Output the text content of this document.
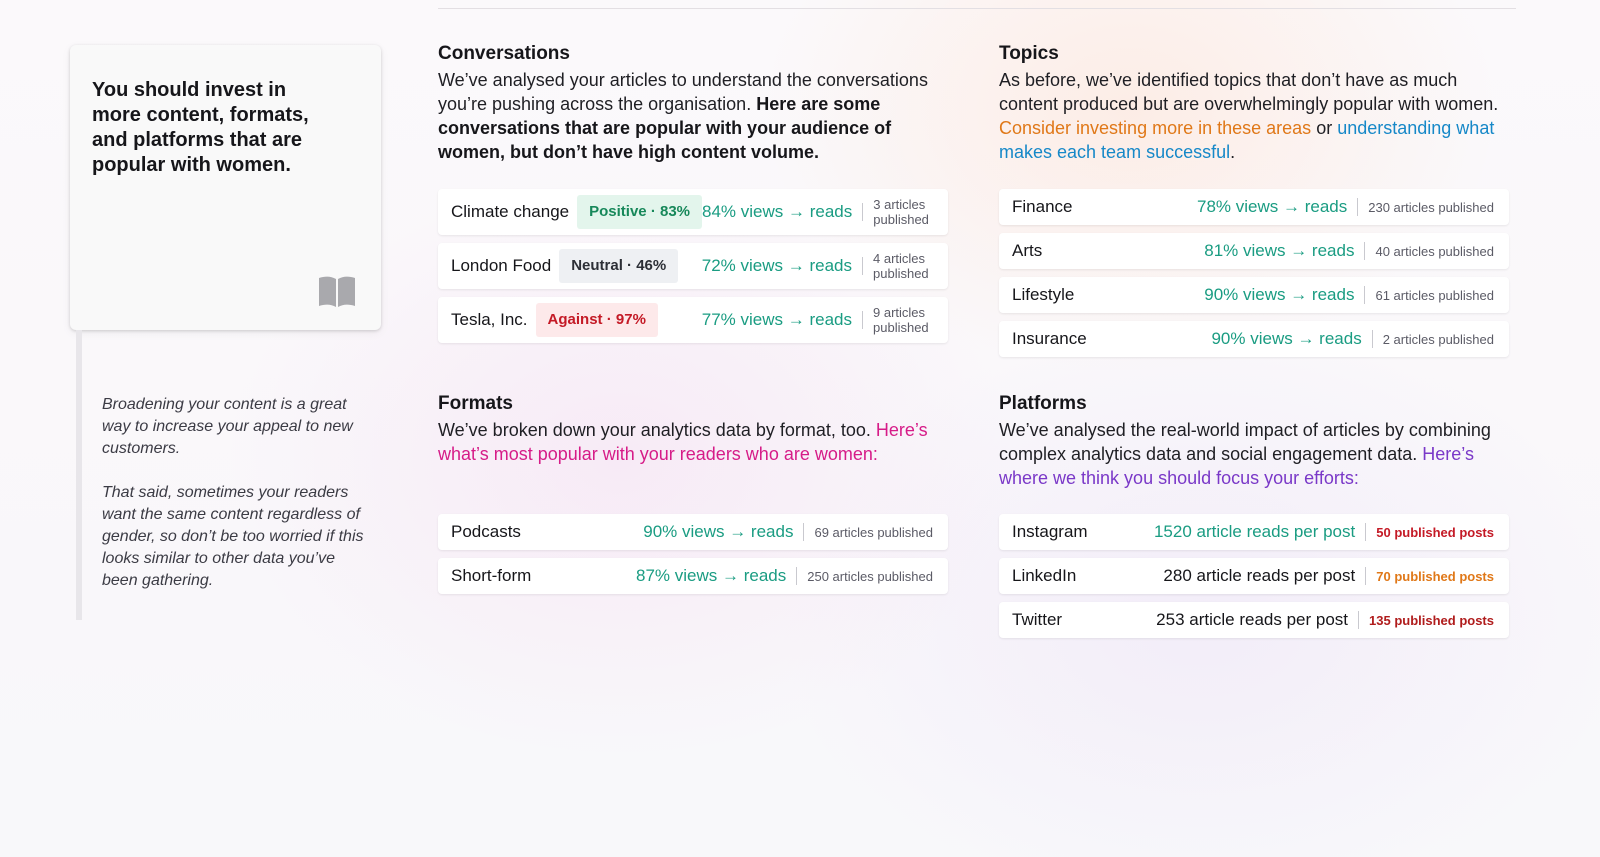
You should invest in more content, formats, and platforms that are popular with women.

Broadening your content is a great way to increase your appeal to new customers.

That said, sometimes your readers want the same content regardless of gender, so don’t be too worried if this looks similar to other data you’ve been gathering.

Conversations

We’ve analysed your articles to understand the conversations you’re pushing across the organisation. Here are some conversations that are popular with your audience of women, but don’t have high content volume.

Climate change	Positive · 83% 84% views → reads 3 articles published
London Food	Neutral · 46%	72% views → reads 4 articles published
Tesla, Inc.	Against · 97%	77% views → reads 9 articles published
Topics

As before, we’ve identified topics that don’t have as much content produced but are overwhelmingly popular with women. Consider investing more in these areas or understanding what makes each team successful.

Finance	78% views → reads 230 articles published
Arts	81% views → reads 40 articles published
Lifestyle	90% views → reads 61 articles published
Insurance	90% views → reads 2 articles published
Formats

We’ve broken down your analytics data by format, too. Here’s what’s most popular with your readers who are women:

Podcasts	90% views → reads 69 articles published
Short-form	87% views → reads 250 articles published
Platforms

We’ve analysed the real-world impact of articles by combining complex analytics data and social engagement data. Here’s where we think you should focus your efforts:

Instagram	1520 article reads per post 50 published posts
LinkedIn	280 article reads per post 70 published posts
Twitter	253 article reads per post 135 published posts
